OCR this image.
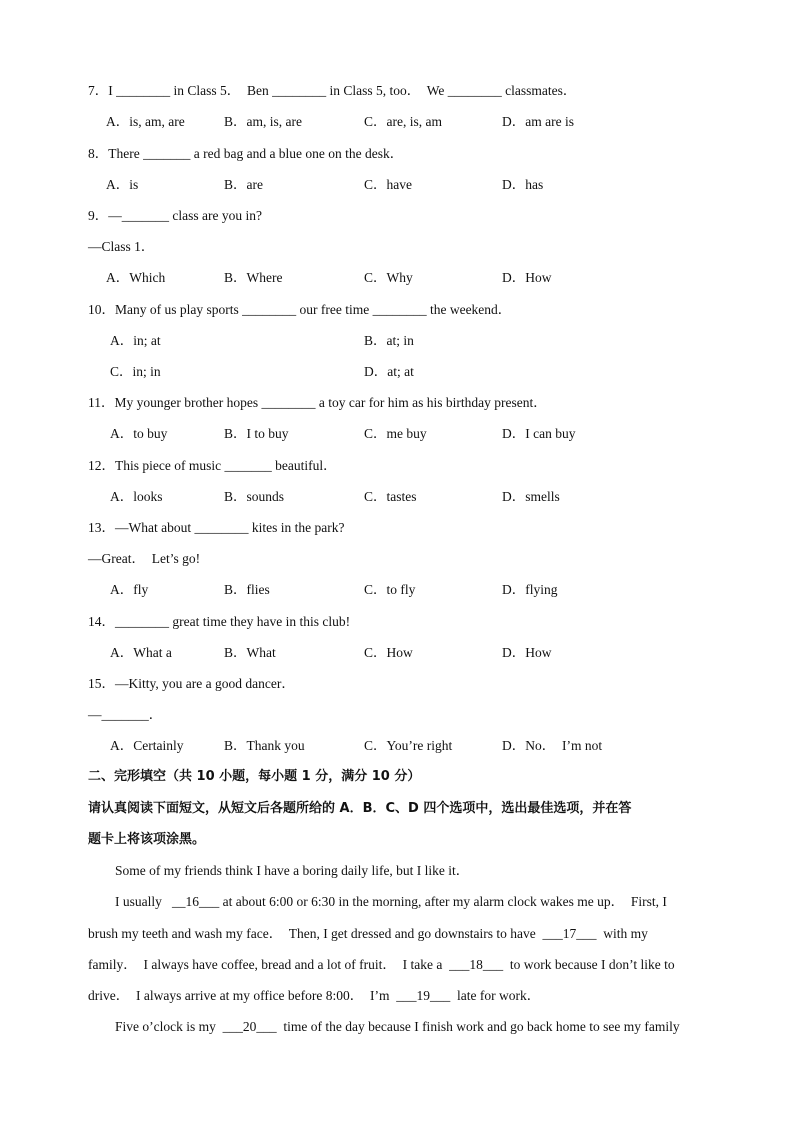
7．I ________ in Class 5．  Ben ________ in Class 5, too．  We ________ classmates．
A．is, am, are	B．am, is, are	C．are, is, am	D．am are is
8．There _______ a red bag and a blue one on the desk．
A．is	B．are	C．have	D．has
9．—_______ class are you in?
—Class 1．
A．Which	B．Where	C．Why	D．How
10．Many of us play sports ________ our free time ________ the weekend．
A．in; at	B．at; in
C．in; in	D．at; at
11．My younger brother hopes ________ a toy car for him as his birthday present．
A．to buy	B．I to buy	C．me buy	D．I can buy
12．This piece of music _______ beautiful．
A．looks	B．sounds	C．tastes	D．smells
13．—What about ________ kites in the park?
—Great．  Let’s go!
A．fly	B．flies	C．to fly	D．flying
14．________ great time they have in this club!
A．What a	B．What	C．How	D．How
15．—Kitty, you are a good dancer．
—_______．
A．Certainly	B．Thank you	C．You’re right	D．No．  I’m not
二、完形填空（共 10 小题，每小题 1 分，满分 10 分）
请认真阅读下面短文，从短文后各题所给的 A．B．C、D 四个选项中，选出最佳选项，并在答
题卡上将该项涂黑。
Some of my friends think I have a boring daily life, but I like it．
I usually   __16___ at about 6:00 or 6:30 in the morning, after my alarm clock wakes me up．  First, I
brush my teeth and wash my face．  Then, I get dressed and go downstairs to have  ___17___  with my
family．  I always have coffee, bread and a lot of fruit．  I take a  ___18___  to work because I don’t like to
drive．  I always arrive at my office before 8:00．  I’m  ___19___  late for work．
Five o’clock is my  ___20___  time of the day because I finish work and go back home to see my family
